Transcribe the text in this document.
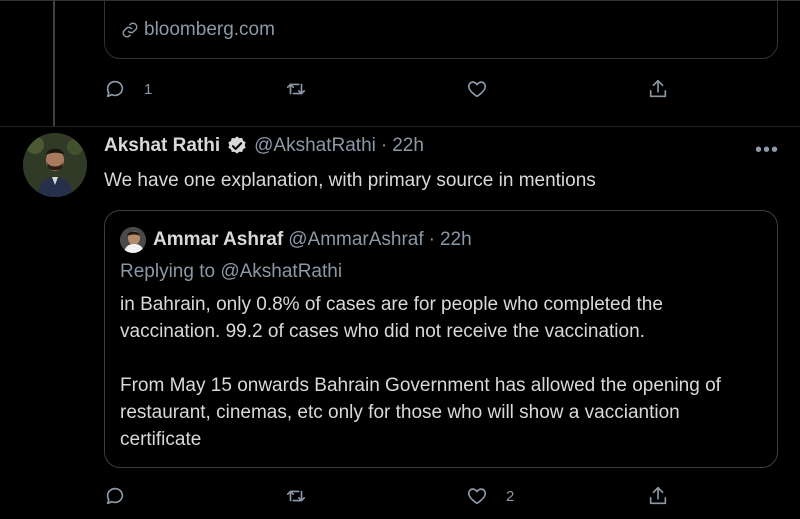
bloomberg.com
1
Akshat Rathi @AkshatRathi · 22h	•••
We have one explanation, with primary source in mentions
Ammar Ashraf @AmmarAshraf · 22h
Replying to @AkshatRathi

in Bahrain, only 0.8% of cases are for people who completed the

vaccination. 99.2 of cases who did not receive the vaccination.

From May 15 onwards Bahrain Government has allowed the opening of

restaurant, cinemas, etc only for those who will show a vacciantion

certificate

2
